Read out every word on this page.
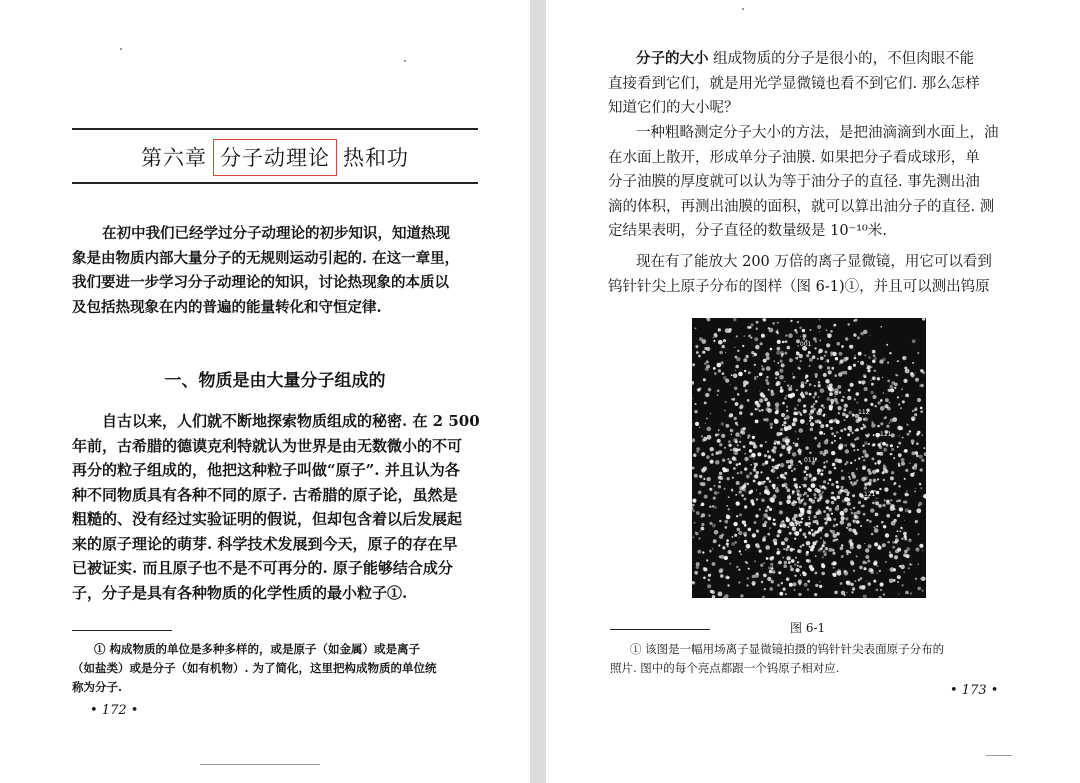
第六章 分子动理论 热和功
在初中我们已经学过分子动理论的初步知识，知道热现
象是由物质内部大量分子的无规则运动引起的. 在这一章里，
我们要进一步学习分子动理论的知识，讨论热现象的本质以
及包括热现象在内的普遍的能量转化和守恒定律.
一、物质是由大量分子组成的
自古以来，人们就不断地探索物质组成的秘密. 在 2 500
年前，古希腊的德谟克利特就认为世界是由无数微小的不可
再分的粒子组成的，他把这种粒子叫做“原子”. 并且认为各
种不同物质具有各种不同的原子. 古希腊的原子论，虽然是
粗糙的、没有经过实验证明的假说，但却包含着以后发展起
来的原子理论的萌芽. 科学技术发展到今天，原子的存在早
已被证实. 而且原子也不是不可再分的. 原子能够结合成分
子，分子是具有各种物质的化学性质的最小粒子①.
① 构成物质的单位是多种多样的，或是原子（如金属）或是离子
（如盐类）或是分子（如有机物）. 为了简化，这里把构成物质的单位统
称为分子.
• 172 •
分子的大小 组成物质的分子是很小的，不但肉眼不能
直接看到它们，就是用光学显微镜也看不到它们. 那么怎样
知道它们的大小呢？
一种粗略测定分子大小的方法，是把油滴滴到水面上，油
在水面上散开，形成单分子油膜. 如果把分子看成球形，单
分子油膜的厚度就可以认为等于油分子的直径. 事先测出油
滴的体积，再测出油膜的面积，就可以算出油分子的直径. 测
定结果表明，分子直径的数量级是 10⁻¹⁰米.
现在有了能放大 200 万倍的离子显微镜，用它可以看到
钨针针尖上原子分布的图样（图 6-1)①，并且可以测出钨原
① 该图是一幅用场离子显微镜拍摄的钨针针尖表面原子分布的
照片. 图中的每个亮点都跟一个钨原子相对应.
• 173 •
001
011
112
121
031
121
图 6-1
